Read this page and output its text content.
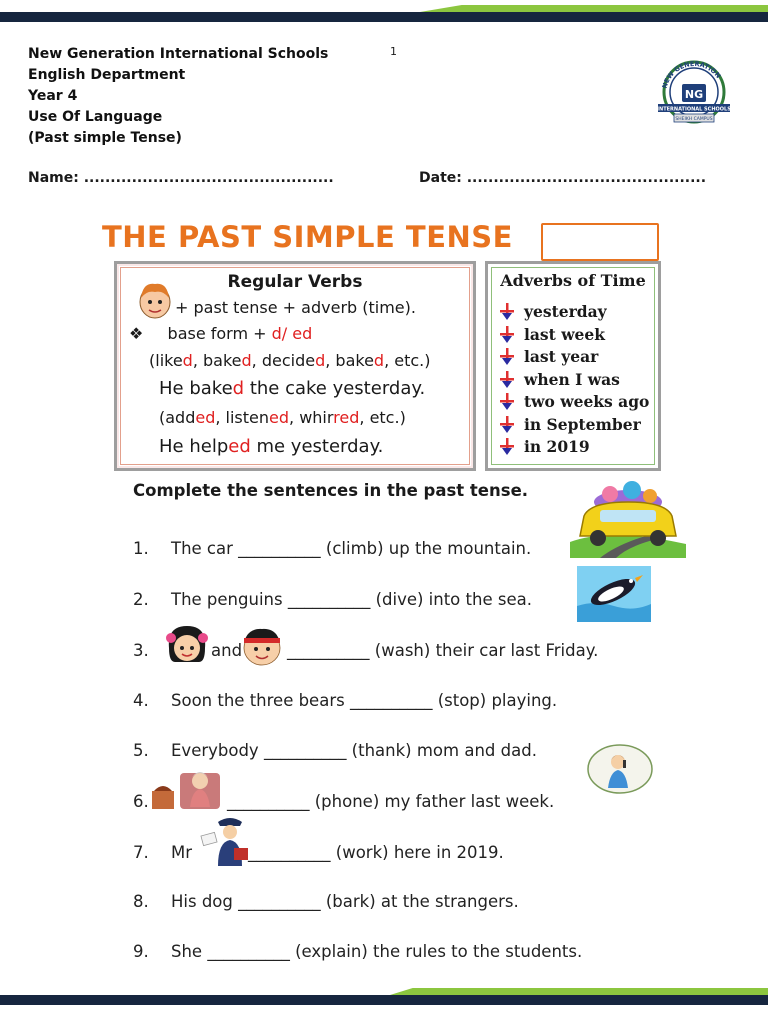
New Generation International Schools
English Department
Year 4
Use Of Language
(Past simple Tense)
1
NEW GENERATION
NG
INTERNATIONAL SCHOOLS
SHEIKH CAMPUS
Name: ...............................................	Date: .............................................
THE PAST SIMPLE TENSE
Regular Verbs
+ past tense + adverb (time).
❖ base form + d/ ed
(liked, baked, decided, baked, etc.)
He baked the cake yesterday.
(added, listened, whirred, etc.)
He helped me yesterday.
Adverbs of Time
yesterday
last week
last year
when I was
two weeks ago
in September
in 2019
Complete the sentences in the past tense.
1. The car __________ (climb) up the mountain.
2. The penguins __________ (dive) into the sea.
3.	and	__________ (wash) their car last Friday.
4. Soon the three bears __________ (stop) playing.
5. Everybody __________ (thank) mom and dad.
6.	__________ (phone) my father last week.
7. Mr	__________ (work) here in 2019.
8. His dog __________ (bark) at the strangers.
9. She __________ (explain) the rules to the students.
